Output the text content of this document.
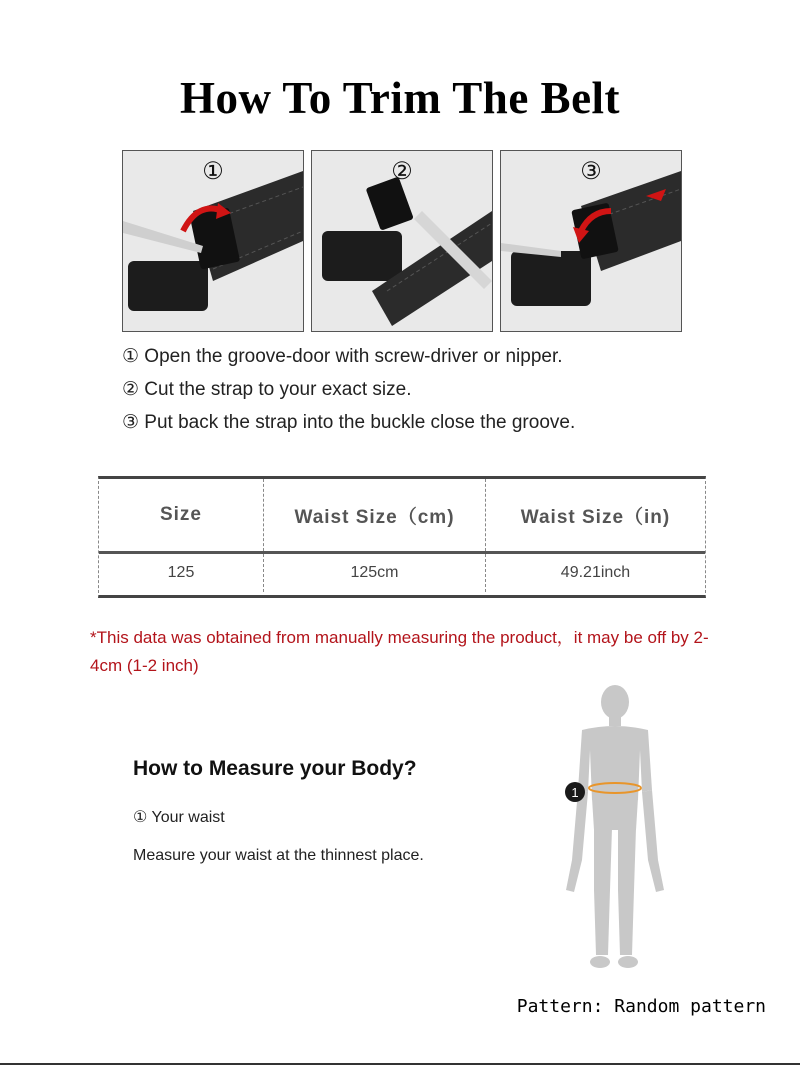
How To Trim The Belt
①	②	③
① Open the groove-door with screw-driver or nipper.
② Cut the strap to your exact size.
③ Put back the strap into the buckle close the groove.
Size	Waist Size（cm)	Waist Size（in)
125	125cm	49.21inch
*This data was obtained from manually measuring the product，it may be off by 2-4cm (1-2 inch)
How to Measure your Body?
① Your waist
Measure your waist at the thinnest place.
1
Pattern: Random pattern
